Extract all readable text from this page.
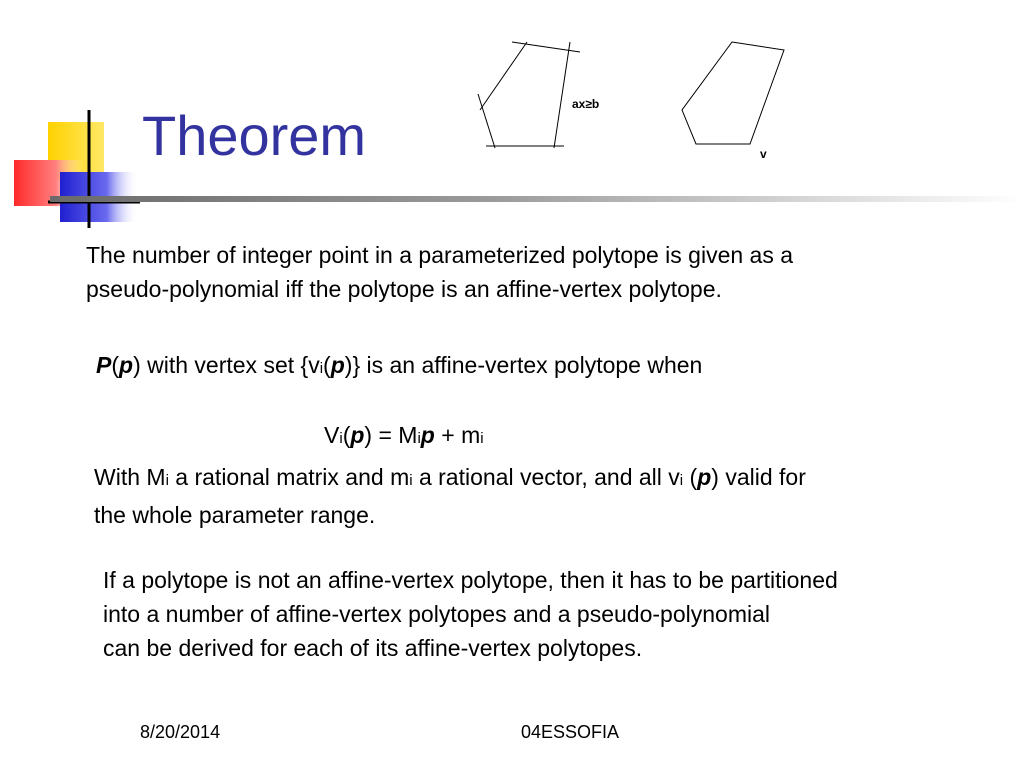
Theorem	ax≥b
v
The number of integer point in a parameterized polytope is given as a
pseudo-polynomial iff the polytope is an affine-vertex polytope.
P(p) with vertex set {vi(p)} is an affine-vertex polytope when
Vi(p) = Mip + mi
With Mi a rational matrix and mi a rational vector, and all vi (p) valid for
the whole parameter range.
If a polytope is not an affine-vertex polytope, then it has to be partitioned
into a number of affine-vertex polytopes and a pseudo-polynomial
can be derived for each of its affine-vertex polytopes.
8/20/2014	04ESSOFIA
